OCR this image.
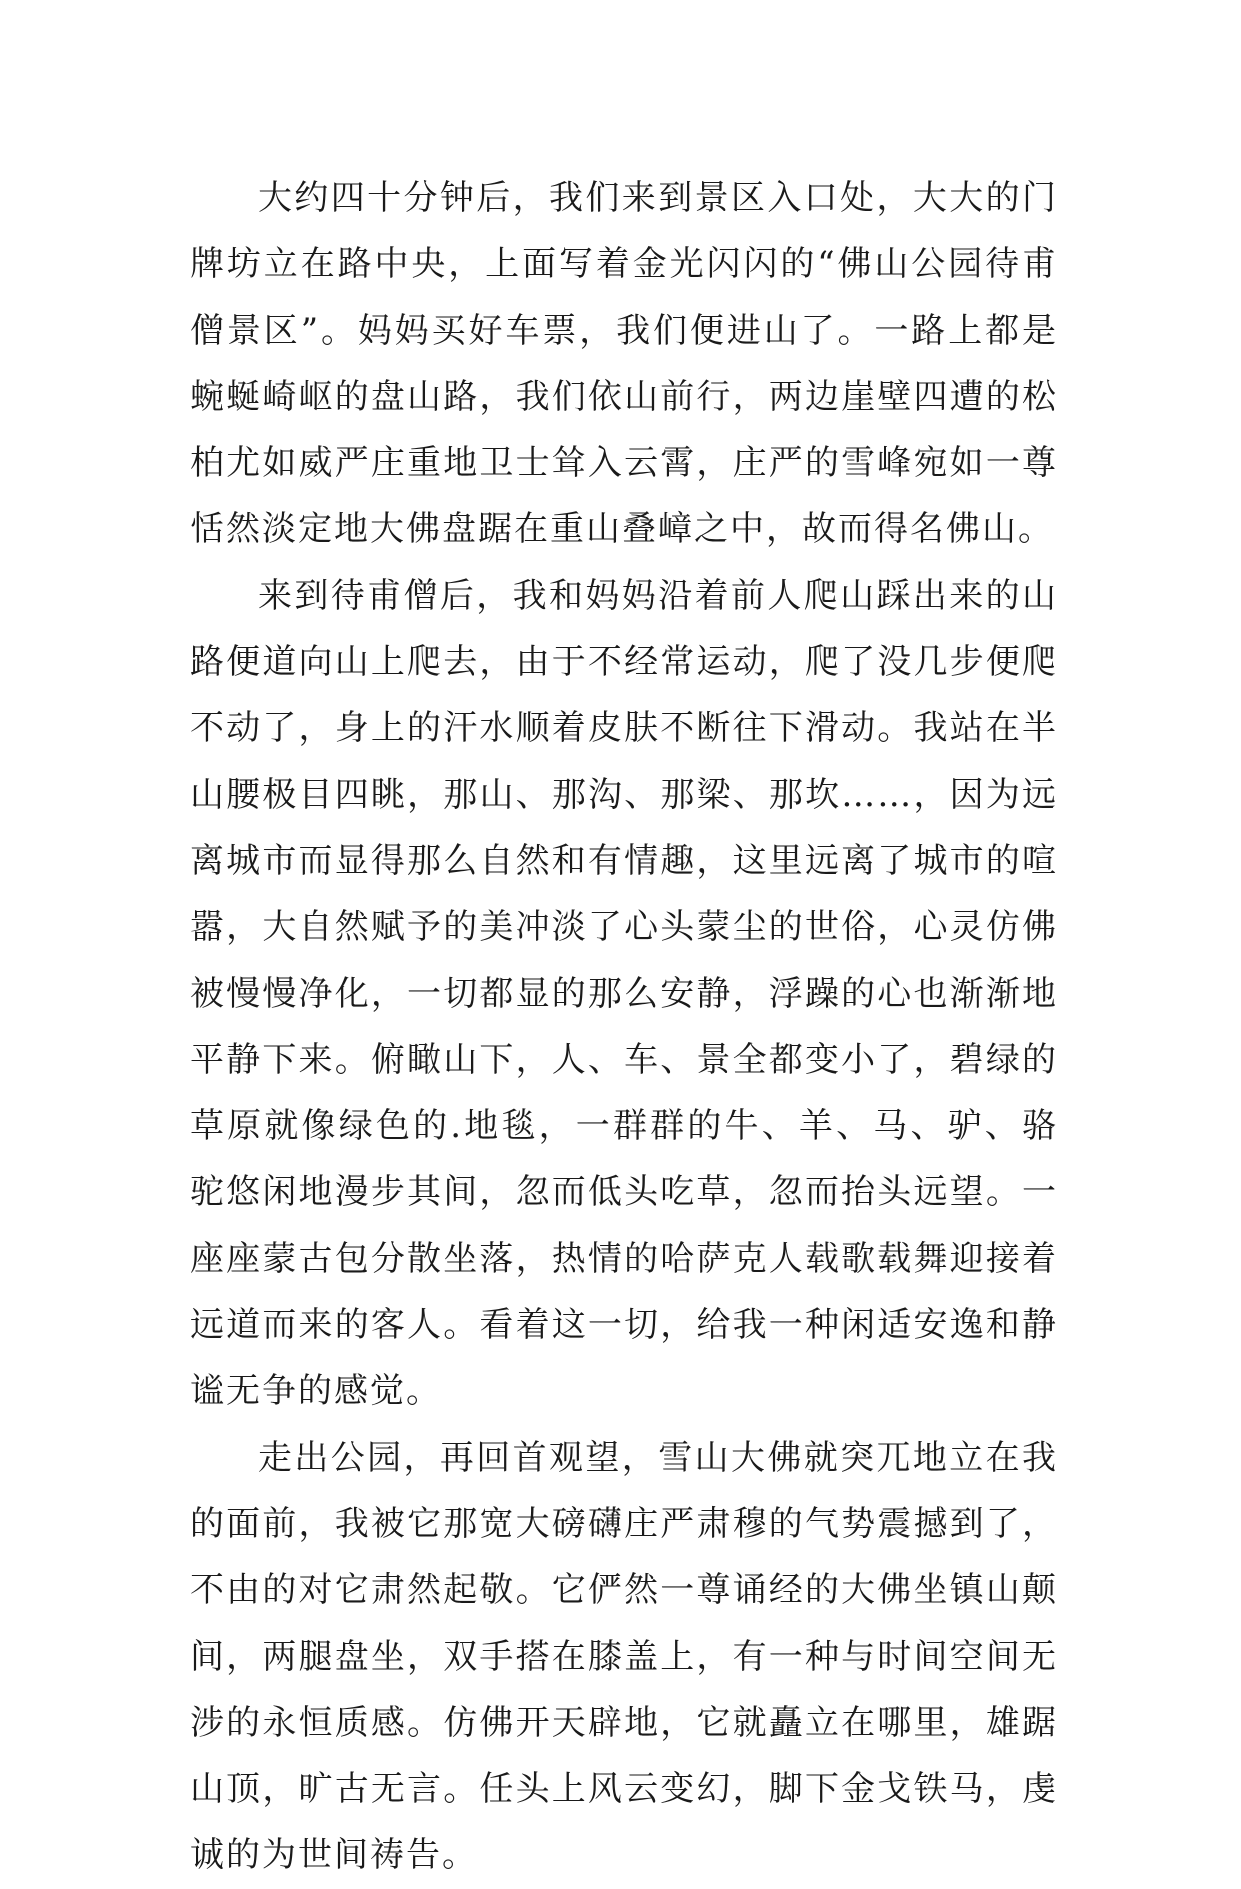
大约四十分钟后，我们来到景区入口处，大大的门牌坊立在路中央，上面写着金光闪闪的“佛山公园待甫僧景区”。妈妈买好车票，我们便进山了。一路上都是蜿蜒崎岖的盘山路，我们依山前行，两边崖壁四遭的松柏尤如威严庄重地卫士耸入云霄，庄严的雪峰宛如一尊恬然淡定地大佛盘踞在重山叠嶂之中，故而得名佛山。

来到待甫僧后，我和妈妈沿着前人爬山踩出来的山路便道向山上爬去，由于不经常运动，爬了没几步便爬不动了，身上的汗水顺着皮肤不断往下滑动。我站在半山腰极目四眺，那山、那沟、那梁、那坎……，因为远离城市而显得那么自然和有情趣，这里远离了城市的喧嚣，大自然赋予的美冲淡了心头蒙尘的世俗，心灵仿佛被慢慢净化，一切都显的那么安静，浮躁的心也渐渐地平静下来。俯瞰山下，人、车、景全都变小了，碧绿的草原就像绿色的.地毯，一群群的牛、羊、马、驴、骆驼悠闲地漫步其间，忽而低头吃草，忽而抬头远望。一座座蒙古包分散坐落，热情的哈萨克人载歌载舞迎接着远道而来的客人。看着这一切，给我一种闲适安逸和静谧无争的感觉。

走出公园，再回首观望，雪山大佛就突兀地立在我的面前，我被它那宽大磅礴庄严肃穆的气势震撼到了，不由的对它肃然起敬。它俨然一尊诵经的大佛坐镇山颠间，两腿盘坐，双手搭在膝盖上，有一种与时间空间无涉的永恒质感。仿佛开天辟地，它就矗立在哪里，雄踞山顶，旷古无言。任头上风云变幻，脚下金戈铁马，虔诚的为世间祷告。
